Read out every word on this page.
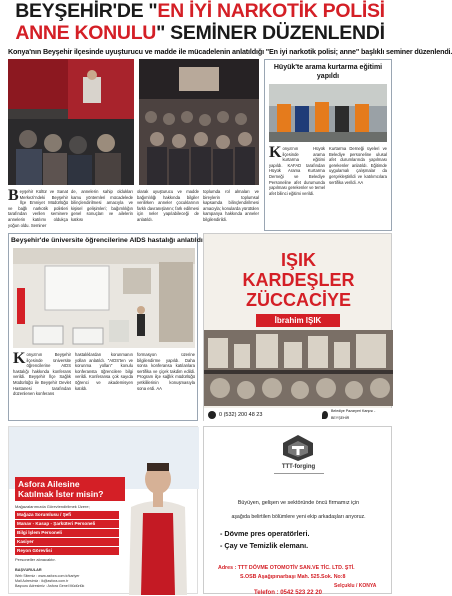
BEYŞEHİR'DE "EN İYİ NARKOTİK POLİSİ
ANNE KONULU" SEMİNER DÜZENLENDİ
Konya'nın Beyşehir ilçesinde uyuşturucu ve madde ile mücadelenin anlatıldığı "En iyi narkotik polisi; anne" başlıklı seminer düzenlendi.
Beyşehir Kültür ve Sanat Merkezi'ndeki Beyşehir İlçe Emniyet Müdürlüğü ve bağlı narkotik polisleri tarafından verilen seminere annelerin katılımı oldukça yoğun oldu. Seminer
de, annelerin sahip oldukları kamu yöntemleri mücadelede bilinçlendirilmesi amacıyla ve kişisel gelişimleri; bağımlılığın genel sonuçları ve ailelerin katkısı
olarak uyuşturucu ve madde bağımlılığı hakkında bilgiler verilirken anneler çocuklarının farklı davranışlarını; fark edilmesi için neler yapılabileceği de anlatıldı.
toplumda rol almaları ve bireylerin toplumsal kapsamda bilinçlendirilmesi amacıyla; konularda yürütülen kampanya hakkında anneler bilgilendirildi.
Hüyük'te arama kurtarma eğitimi yapıldı
Konya'nın Hüyük ilçesinde arama kurtarma eğitimi yapıldı. KAFAD tarafından Hüyük Arama Kurtarma Derneği ve Belediye Personeline afet durumunda yapılması gerekenler ve temel afet bilinci eğitimi verildi.
Kurtarma Derneği üyeleri ve Belediye personeline ulusal afet durumlarında yapılması gerekenler anlatıldı. Eğitimde uygulamalı çalışmalar da gerçekleştirildi ve katılımcılara sertifika verildi. AA
Beyşehir'de üniversite öğrencilerine AIDS hastalığı anlatıldı
Konya'nın Beyşehir ilçesinde üniversite öğrencilerine AIDS hastalığı hakkında konferans verildi. Beyşehir İlçe Sağlık Müdürlüğü ile Beyşehir Devlet Hastanesi tarafından düzenlenen konferans
hastalıklardan korunmanın yolları anlatıldı. "AIDS'ten ve korunma yolları" konulu konferansta öğrencilere bilgi verildi. Konferansa çok sayıda öğrenci ve akademisyen katıldı.
formasyon üzerine bilgilendirme yapıldı. Daha sonra konferansa katılanlara sertifika ve çiçek takdim edildi. Program ilçe sağlık müdürlüğü yetkililerinin konuşmasıyla sona erdi. AA
IŞIK
KARDEŞLER
ZÜCCACİYE
İbrahim IŞIK
0 (532) 200 48 23
Belediye Pazaryeri Karşısı - BEYŞEHİR
Asfora Ailesine
Katılmak İster misin?
Mağazalarımızda Görevlendirilmek Üzere;
Mağaza Sorumlusu / Şefi
Manav - Kasap - Şarküteri Personeli
Bilgi İşlem Personeli
Kasiyer
Reyon Görevlisi
Personeller alınacaktır.
BAŞVURULAR
Web Sitemiz : www.asfora.com.tr/kariyer
Mail Adresimiz : ik@asfora.com.tr
Başvuru Adresimiz : Asfora Genel Müdürlük
TTT-forging
Büyüyen, gelişen ve sektöründe öncü firmamız için
aşağıda belirtilen bölümlere yeni ekip arkadaşları arıyoruz.
- Dövme pres operatörleri.
- Çay ve Temizlik elemanı.
Adres : TTT DÖVME OTOMOTİV SAN.VE TİC. LTD. ŞTİ.
S.OSB Aşağıpınarbaşı Mah. 525.Sok. No:8
Selçuklu / KONYA
Telefon : 0542 523 22 20
